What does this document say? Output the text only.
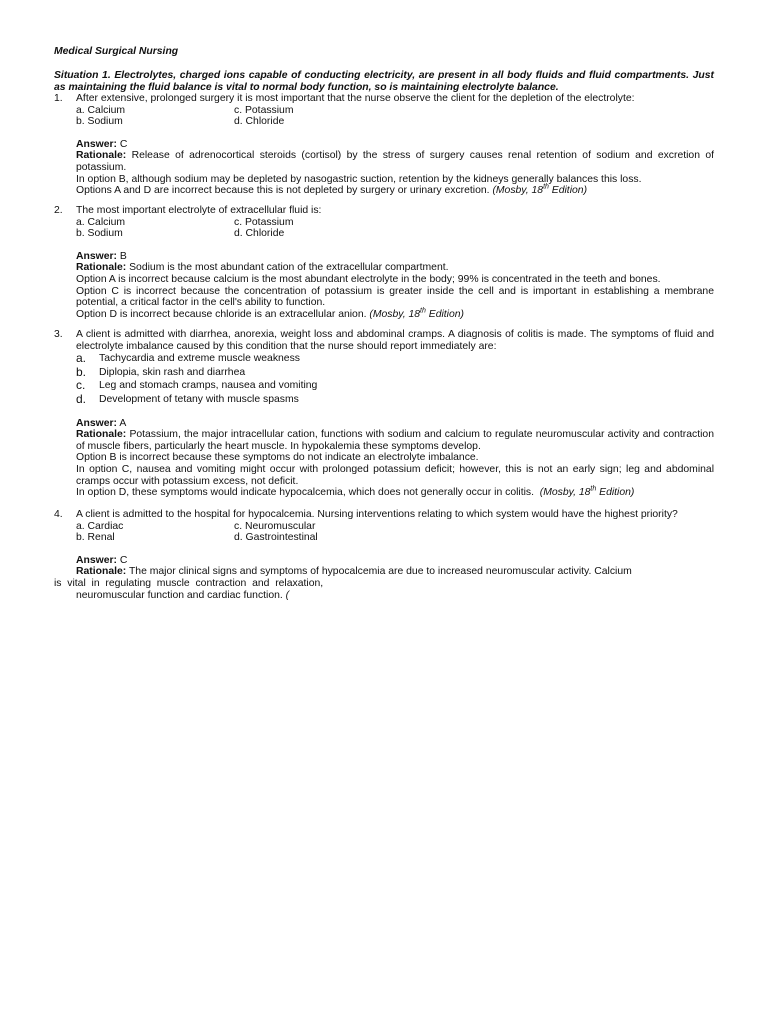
Medical Surgical Nursing
Situation 1. Electrolytes, charged ions capable of conducting electricity, are present in all body fluids and fluid compartments. Just as maintaining the fluid balance is vital to normal body function, so is maintaining electrolyte balance.
1.	After extensive, prolonged surgery it is most important that the nurse observe the client for the depletion of the electrolyte:
a. Calcium	c. Potassium
b. Sodium	d. Chloride
Answer: C
Rationale: Release of adrenocortical steroids (cortisol) by the stress of surgery causes renal retention of sodium and excretion of potassium.
In option B, although sodium may be depleted by nasogastric suction, retention by the kidneys generally balances this loss.
Options A and D are incorrect because this is not depleted by surgery or urinary excretion. (Mosby, 18th Edition)
2.	The most important electrolyte of extracellular fluid is:
a. Calcium	c. Potassium
b. Sodium	d. Chloride
Answer: B
Rationale: Sodium is the most abundant cation of the extracellular compartment.
Option A is incorrect because calcium is the most abundant electrolyte in the body; 99% is concentrated in the teeth and bones.
Option C is incorrect because the concentration of potassium is greater inside the cell and is important in establishing a membrane potential, a critical factor in the cell's ability to function.
Option D is incorrect because chloride is an extracellular anion. (Mosby, 18th Edition)
3.	A client is admitted with diarrhea, anorexia, weight loss and abdominal cramps. A diagnosis of colitis is made. The symptoms of fluid and electrolyte imbalance caused by this condition that the nurse should report immediately are:
a.	Tachycardia and extreme muscle weakness
b.	Diplopia, skin rash and diarrhea
c.	Leg and stomach cramps, nausea and vomiting
d.	Development of tetany with muscle spasms
Answer: A
Rationale: Potassium, the major intracellular cation, functions with sodium and calcium to regulate neuromuscular activity and contraction of muscle fibers, particularly the heart muscle. In hypokalemia these symptoms develop.
Option B is incorrect because these symptoms do not indicate an electrolyte imbalance.
In option C, nausea and vomiting might occur with prolonged potassium deficit; however, this is not an early sign; leg and abdominal cramps occur with potassium excess, not deficit.
In option D, these symptoms would indicate hypocalcemia, which does not generally occur in colitis. (Mosby, 18th Edition)
4.	A client is admitted to the hospital for hypocalcemia. Nursing interventions relating to which system would have the highest priority?
a. Cardiac	c. Neuromuscular
b. Renal	d. Gastrointestinal
Answer: C
Rationale: The major clinical signs and symptoms of hypocalcemia are due to increased neuromuscular activity. Calcium
is  vital  in  regulating  muscle  contraction  and  relaxation,
neuromuscular function and cardiac function. (
